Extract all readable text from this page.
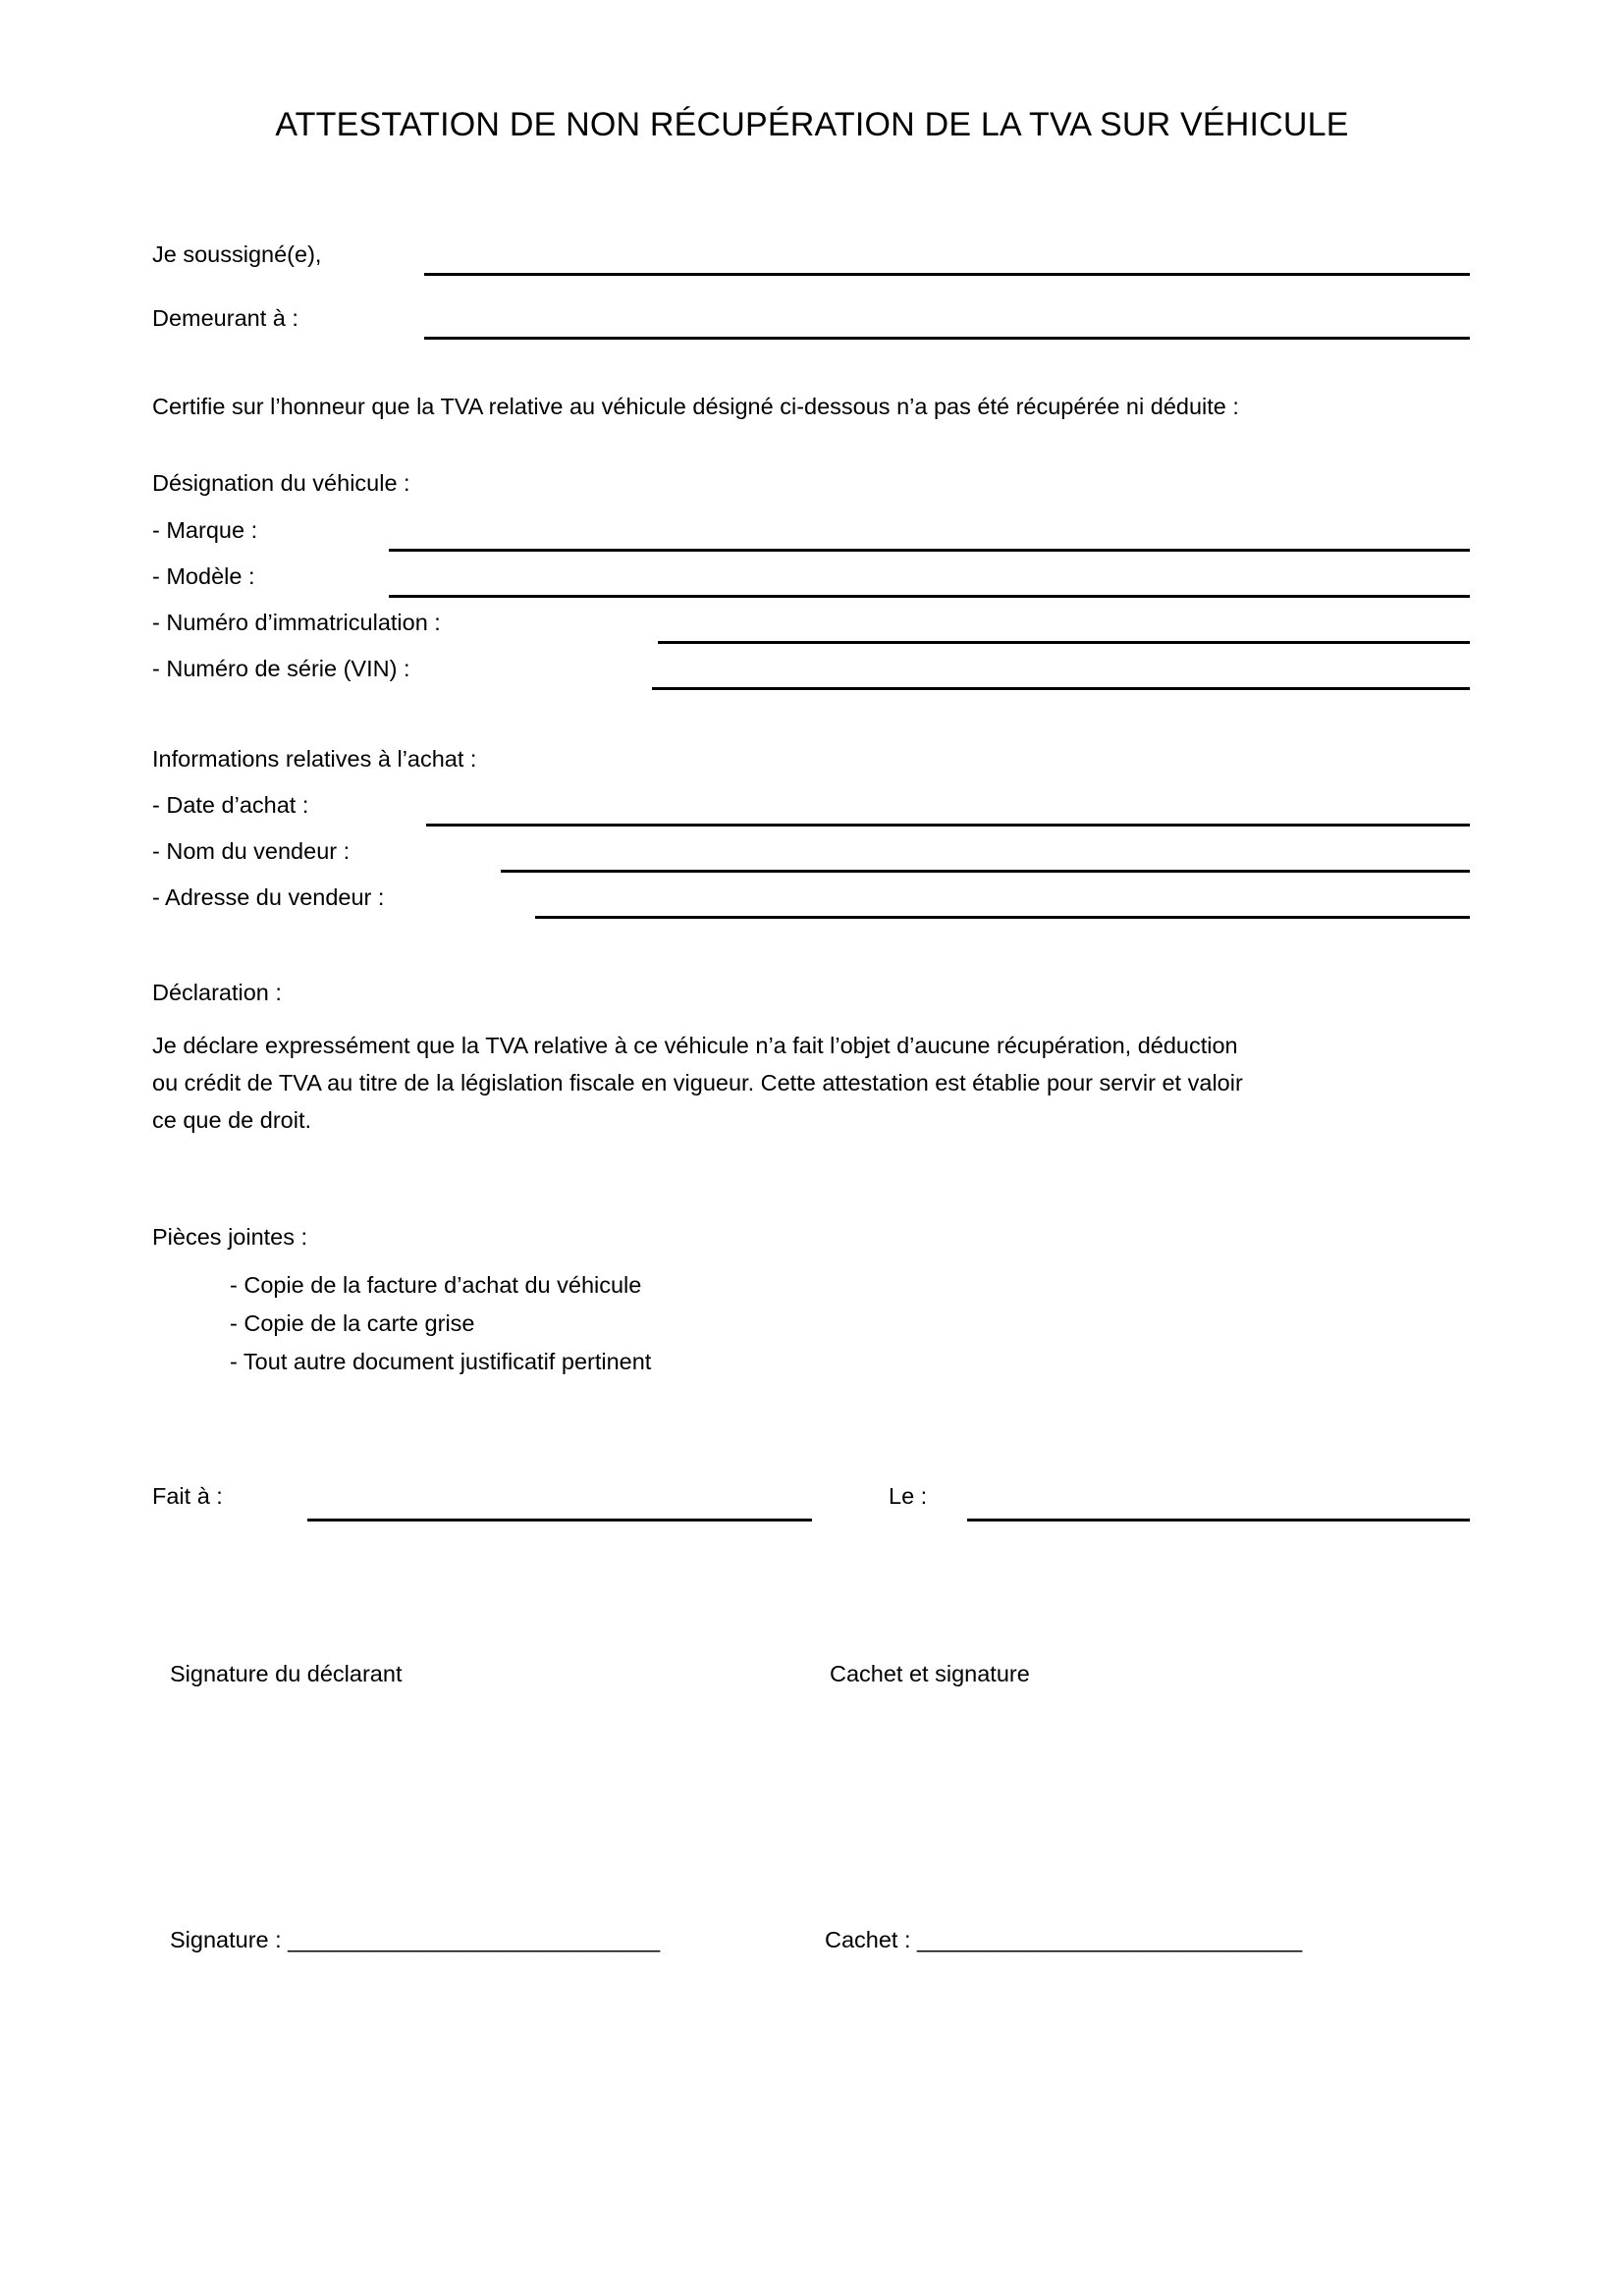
ATTESTATION DE NON RÉCUPÉRATION DE LA TVA SUR VÉHICULE
Je soussigné(e),
Demeurant à :
Certifie sur l’honneur que la TVA relative au véhicule désigné ci-dessous n’a pas été récupérée ni déduite :
Désignation du véhicule :
- Marque :
- Modèle :
- Numéro d’immatriculation :
- Numéro de série (VIN) :
Informations relatives à l’achat :
- Date d’achat :
- Nom du vendeur :
- Adresse du vendeur :
Déclaration :
Je déclare expressément que la TVA relative à ce véhicule n’a fait l’objet d’aucune récupération, déduction
ou crédit de TVA au titre de la législation fiscale en vigueur. Cette attestation est établie pour servir et valoir
ce que de droit.
Pièces jointes :
- Copie de la facture d’achat du véhicule
- Copie de la carte grise
- Tout autre document justificatif pertinent
Fait à :	Le :
Signature du déclarant	Cachet et signature
Signature : _____________________________	Cachet : ______________________________
